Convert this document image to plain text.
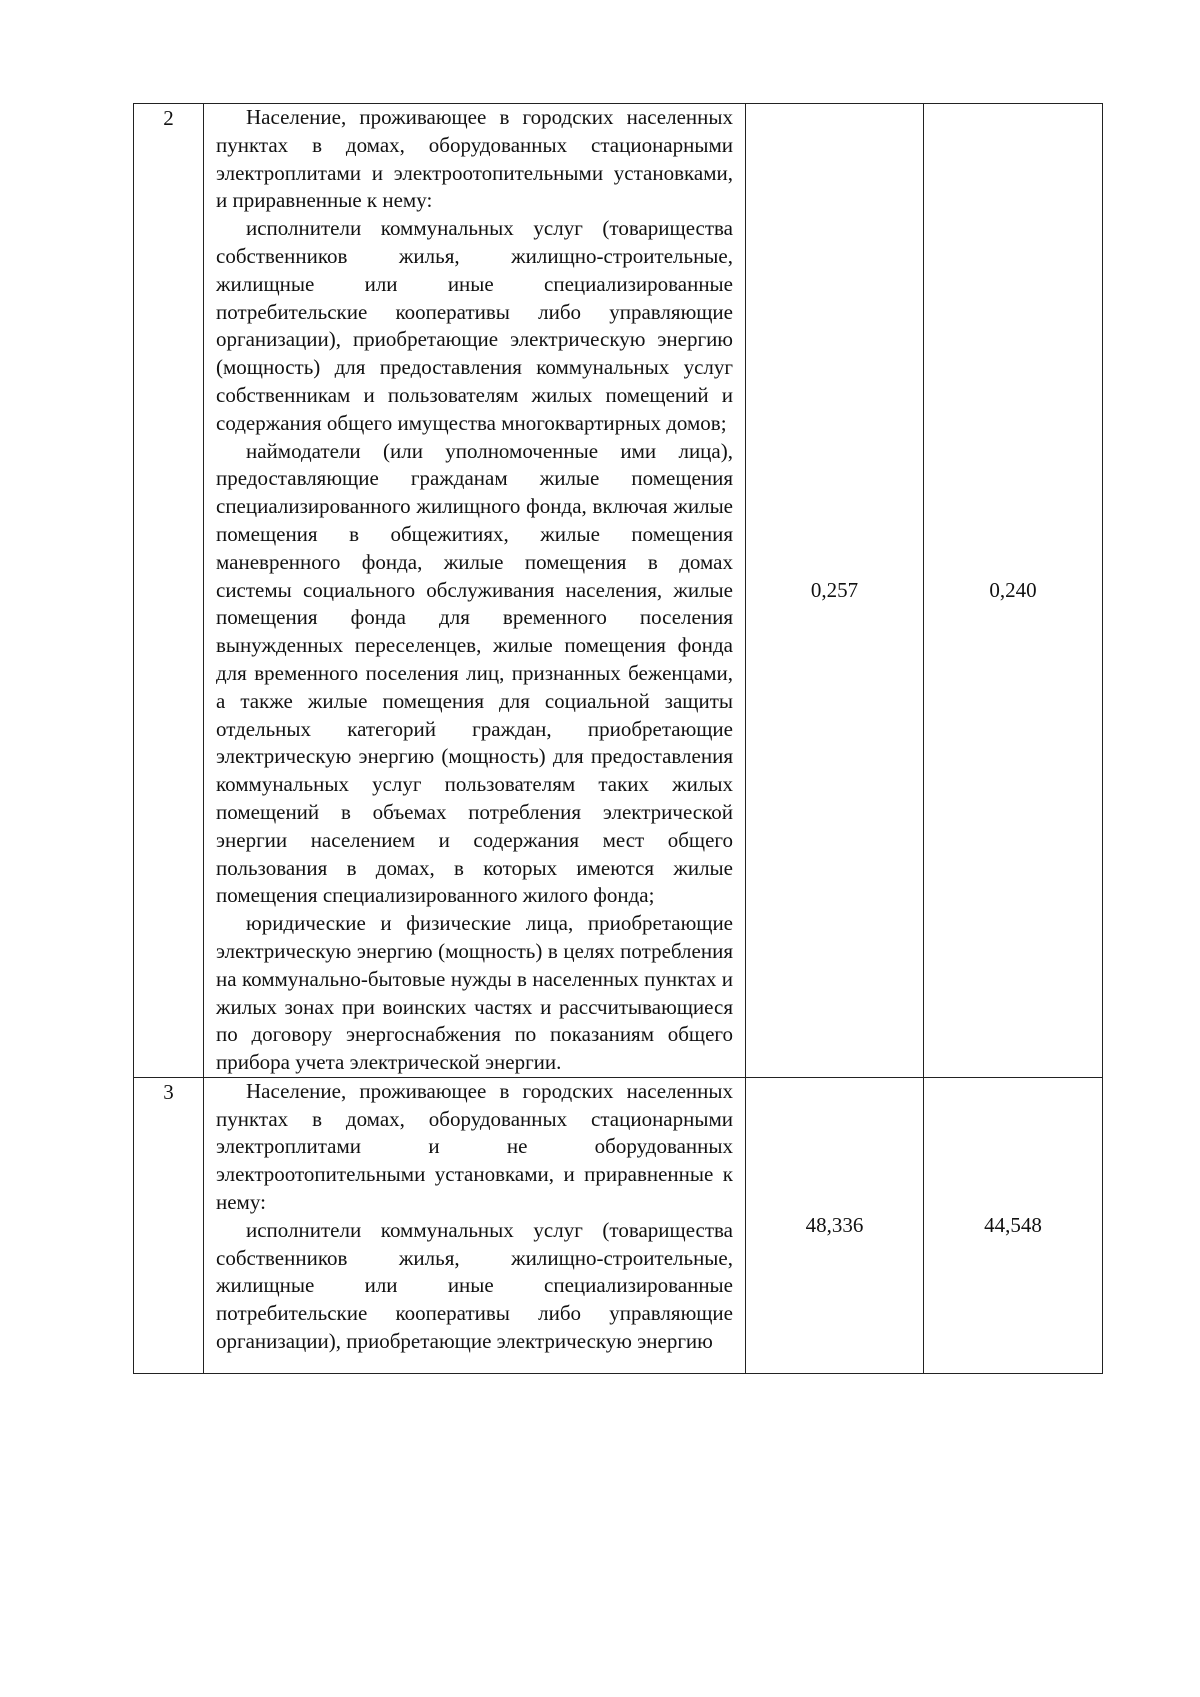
2	Население, проживающее в городских населенных пунктах в домах, оборудованных стационарными электроплитами и электроотопительными установками, и приравненные к нему:

исполнители коммунальных услуг (товарищества собственников жилья, жилищно-строительные, жилищные или иные специализированные потребительские кооперативы либо управляющие организации), приобретающие электрическую энергию (мощность) для предоставления коммунальных услуг собственникам и пользователям жилых помещений и содержания общего имущества многоквартирных домов;

наймодатели (или уполномоченные ими лица), предоставляющие гражданам жилые помещения специализированного жилищного фонда, включая жилые помещения в общежитиях, жилые помещения маневренного фонда, жилые помещения в домах системы социального обслуживания населения, жилые помещения фонда для временного поселения вынужденных переселенцев, жилые помещения фонда для временного поселения лиц, признанных беженцами, а также жилые помещения для социальной защиты отдельных категорий граждан, приобретающие электрическую энергию (мощность) для предоставления коммунальных услуг пользователям таких жилых помещений в объемах потребления электрической энергии населением и содержания мест общего пользования в домах, в которых имеются жилые помещения специализированного жилого фонда;

юридические и физические лица, приобретающие электрическую энергию (мощность) в целях потребления на коммунально-бытовые нужды в населенных пунктах и жилых зонах при воинских частях и рассчитывающиеся по договору энергоснабжения по показаниям общего прибора учета электрической энергии.	0,257	0,240
3	Население, проживающее в городских населенных пунктах в домах, оборудованных стационарными электроплитами и не оборудованных электроотопительными установками, и приравненные к нему:

исполнители коммунальных услуг (товарищества собственников жилья, жилищно-строительные, жилищные или иные специализированные потребительские кооперативы либо управляющие организации), приобретающие электрическую энергию	48,336	44,548
